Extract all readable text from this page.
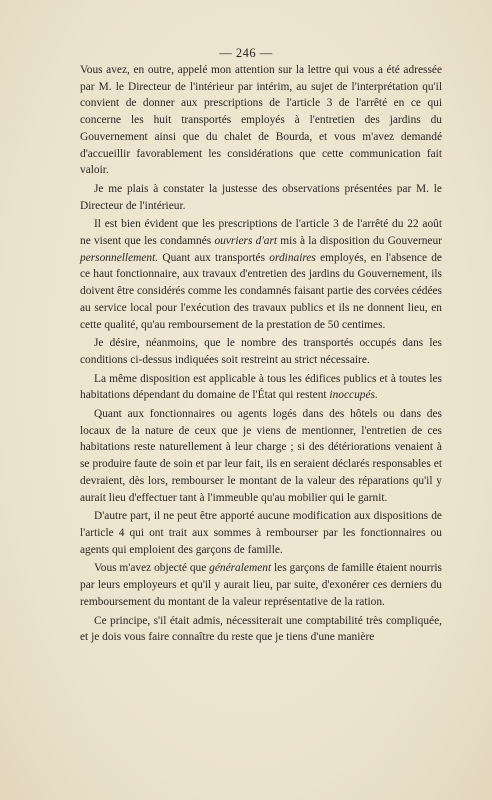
— 246 —

Vous avez, en outre, appelé mon attention sur la lettre qui vous a été adressée par M. le Directeur de l'intérieur par intérim, au sujet de l'interprétation qu'il convient de donner aux prescriptions de l'article 3 de l'arrêté en ce qui concerne les huit transportés employés à l'entretien des jardins du Gouvernement ainsi que du chalet de Bourda, et vous m'avez demandé d'accueillir favorablement les considérations que cette communication fait valoir.

Je me plais à constater la justesse des observations présentées par M. le Directeur de l'intérieur.

Il est bien évident que les prescriptions de l'article 3 de l'arrêté du 22 août ne visent que les condamnés ouvriers d'art mis à la disposition du Gouverneur personnellement. Quant aux transportés ordinaires employés, en l'absence de ce haut fonctionnaire, aux travaux d'entretien des jardins du Gouvernement, ils doivent être considérés comme les condamnés faisant partie des corvées cédées au service local pour l'exécution des travaux publics et ils ne donnent lieu, en cette qualité, qu'au remboursement de la prestation de 50 centimes.

Je désire, néanmoins, que le nombre des transportés occupés dans les conditions ci-dessus indiquées soit restreint au strict nécessaire.

La même disposition est applicable à tous les édifices publics et à toutes les habitations dépendant du domaine de l'État qui restent inoccupés.

Quant aux fonctionnaires ou agents logés dans des hôtels ou dans des locaux de la nature de ceux que je viens de mentionner, l'entretien de ces habitations reste naturellement à leur charge ; si des détériorations venaient à se produire faute de soin et par leur fait, ils en seraient déclarés responsables et devraient, dès lors, rembourser le montant de la valeur des réparations qu'il y aurait lieu d'effectuer tant à l'immeuble qu'au mobilier qui le garnit.

D'autre part, il ne peut être apporté aucune modification aux dispositions de l'article 4 qui ont trait aux sommes à rembourser par les fonctionnaires ou agents qui emploient des garçons de famille.

Vous m'avez objecté que généralement les garçons de famille étaient nourris par leurs employeurs et qu'il y aurait lieu, par suite, d'exonérer ces derniers du remboursement du montant de la valeur représentative de la ration.

Ce principe, s'il était admis, nécessiterait une comptabilité très compliquée, et je dois vous faire connaître du reste que je tiens d'une manière
